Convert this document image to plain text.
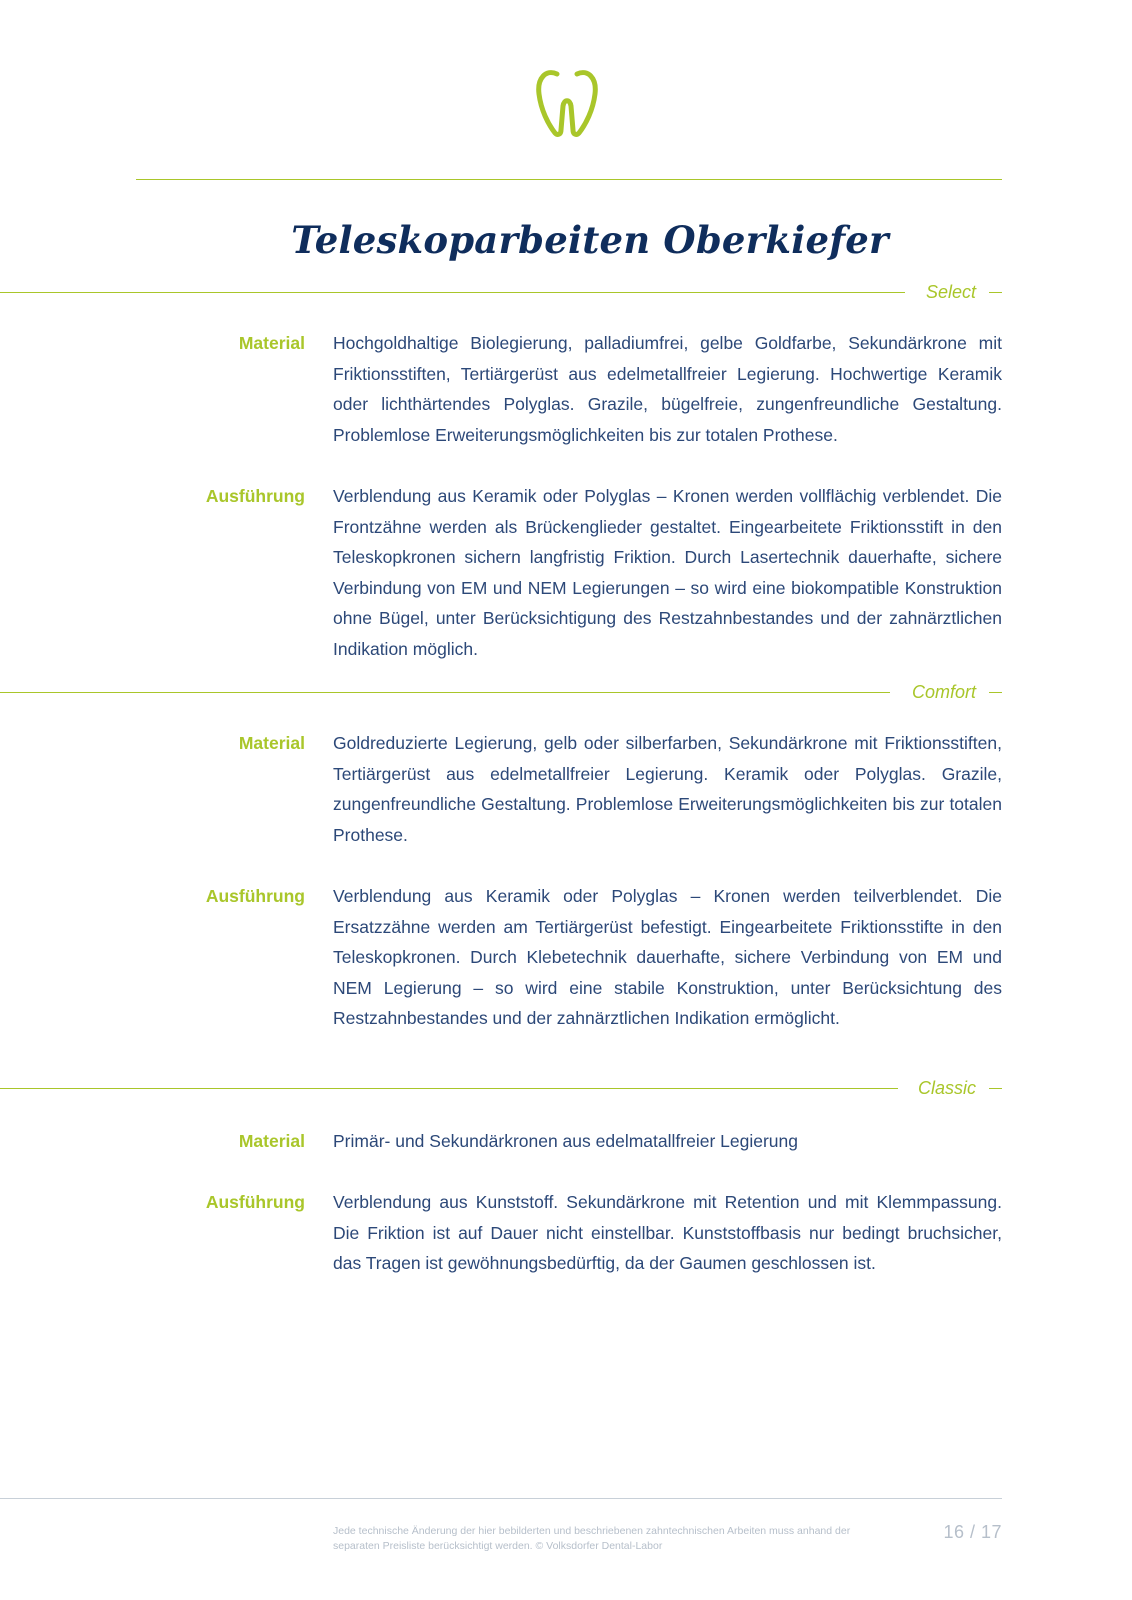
Teleskoparbeiten Oberkiefer
Select
Material Hochgoldhaltige Biolegierung, palladiumfrei, gelbe Goldfarbe, Sekundärkrone mit Friktionsstiften, Tertiärgerüst aus edelmetallfreier Legierung. Hochwertige Keramik oder lichthärtendes Polyglas. Grazile, bügelfreie, zungenfreundliche Gestaltung. Problemlose Erweiterungsmöglichkeiten bis zur totalen Prothese.

Ausführung Verblendung aus Keramik oder Polyglas – Kronen werden vollflächig verblendet. Die Frontzähne werden als Brückenglieder gestaltet. Eingearbeitete Friktionsstift in den Teleskopkronen sichern langfristig Friktion. Durch Lasertechnik dauerhafte, sichere Verbindung von EM und NEM Legierungen – so wird eine biokompatible Konstruktion ohne Bügel, unter Berücksichtigung des Restzahnbestandes und der zahnärztlichen Indikation möglich.

Comfort
Material Goldreduzierte Legierung, gelb oder silberfarben, Sekundärkrone mit Friktionsstiften, Tertiärgerüst aus edelmetallfreier Legierung. Keramik oder Polyglas. Grazile, zungenfreundliche Gestaltung. Problemlose Erweiterungsmöglichkeiten bis zur totalen Prothese.

Ausführung Verblendung aus Keramik oder Polyglas – Kronen werden teilverblendet. Die Ersatzzähne werden am Tertiärgerüst befestigt. Eingearbeitete Friktionsstifte in den Teleskopkronen. Durch Klebetechnik dauerhafte, sichere Verbindung von EM und NEM Legierung – so wird eine stabile Konstruktion, unter Berücksichtung des Restzahnbestandes und der zahnärztlichen Indikation ermöglicht.

Classic
Material Primär- und Sekundärkronen aus edelmatallfreier Legierung

Ausführung Verblendung aus Kunststoff. Sekundärkrone mit Retention und mit Klemmpassung. Die Friktion ist auf Dauer nicht einstellbar. Kunststoffbasis nur bedingt bruchsicher, das Tragen ist gewöhnungsbedürftig, da der Gaumen geschlossen ist.

Jede technische Änderung der hier bebilderten und beschriebenen zahntechnischen Arbeiten muss anhand der separaten Preisliste berücksichtigt werden. © Volksdorfer Dental-Labor

16 / 17
